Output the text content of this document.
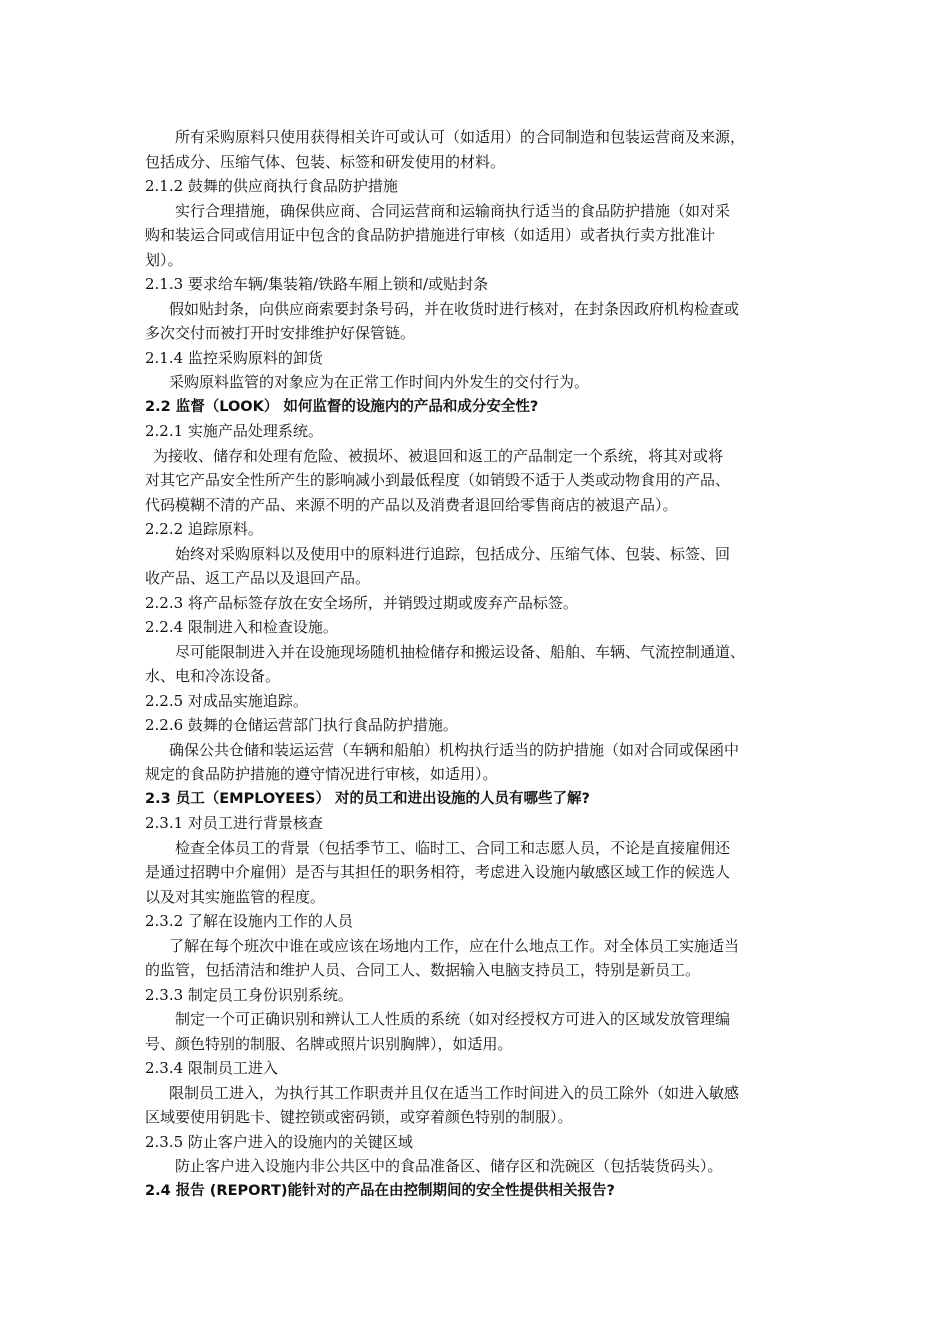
所有采购原料只使用获得相关许可或认可（如适用）的合同制造和包装运营商及来源，
包括成分、压缩气体、包装、标签和研发使用的材料。
2.1.2 鼓舞的供应商执行食品防护措施
实行合理措施，确保供应商、合同运营商和运输商执行适当的食品防护措施（如对采
购和装运合同或信用证中包含的食品防护措施进行审核（如适用）或者执行卖方批准计
划）。
2.1.3 要求给车辆/集装箱/铁路车厢上锁和/或贴封条
假如贴封条，向供应商索要封条号码，并在收货时进行核对，在封条因政府机构检查或
多次交付而被打开时安排维护好保管链。
2.1.4 监控采购原料的卸货
采购原料监管的对象应为在正常工作时间内外发生的交付行为。
2.2 监督（LOOK） 如何监督的设施内的产品和成分安全性?
2.2.1 实施产品处理系统。
为接收、储存和处理有危险、被损坏、被退回和返工的产品制定一个系统，将其对或将
对其它产品安全性所产生的影响减小到最低程度（如销毁不适于人类或动物食用的产品、
代码模糊不清的产品、来源不明的产品以及消费者退回给零售商店的被退产品）。
2.2.2 追踪原料。
始终对采购原料以及使用中的原料进行追踪，包括成分、压缩气体、包装、标签、回
收产品、返工产品以及退回产品。
2.2.3 将产品标签存放在安全场所，并销毁过期或废弃产品标签。
2.2.4 限制进入和检查设施。
尽可能限制进入并在设施现场随机抽检储存和搬运设备、船舶、车辆、气流控制通道、
水、电和冷冻设备。
2.2.5 对成品实施追踪。
2.2.6 鼓舞的仓储运营部门执行食品防护措施。
确保公共仓储和装运运营（车辆和船舶）机构执行适当的防护措施（如对合同或保函中
规定的食品防护措施的遵守情况进行审核，如适用）。
2.3 员工（EMPLOYEES） 对的员工和进出设施的人员有哪些了解?
2.3.1 对员工进行背景核查
检查全体员工的背景（包括季节工、临时工、合同工和志愿人员，不论是直接雇佣还
是通过招聘中介雇佣）是否与其担任的职务相符，考虑进入设施内敏感区域工作的候选人
以及对其实施监管的程度。
2.3.2 了解在设施内工作的人员
了解在每个班次中谁在或应该在场地内工作，应在什么地点工作。对全体员工实施适当
的监管，包括清洁和维护人员、合同工人、数据输入电脑支持员工，特别是新员工。
2.3.3 制定员工身份识别系统。
制定一个可正确识别和辨认工人性质的系统（如对经授权方可进入的区域发放管理编
号、颜色特别的制服、名牌或照片识别胸牌），如适用。
2.3.4 限制员工进入
限制员工进入，为执行其工作职责并且仅在适当工作时间进入的员工除外（如进入敏感
区域要使用钥匙卡、键控锁或密码锁，或穿着颜色特别的制服）。
2.3.5 防止客户进入的设施内的关键区域
防止客户进入设施内非公共区中的食品准备区、储存区和洗碗区（包括装货码头）。
2.4 报告 (REPORT)能针对的产品在由控制期间的安全性提供相关报告?
